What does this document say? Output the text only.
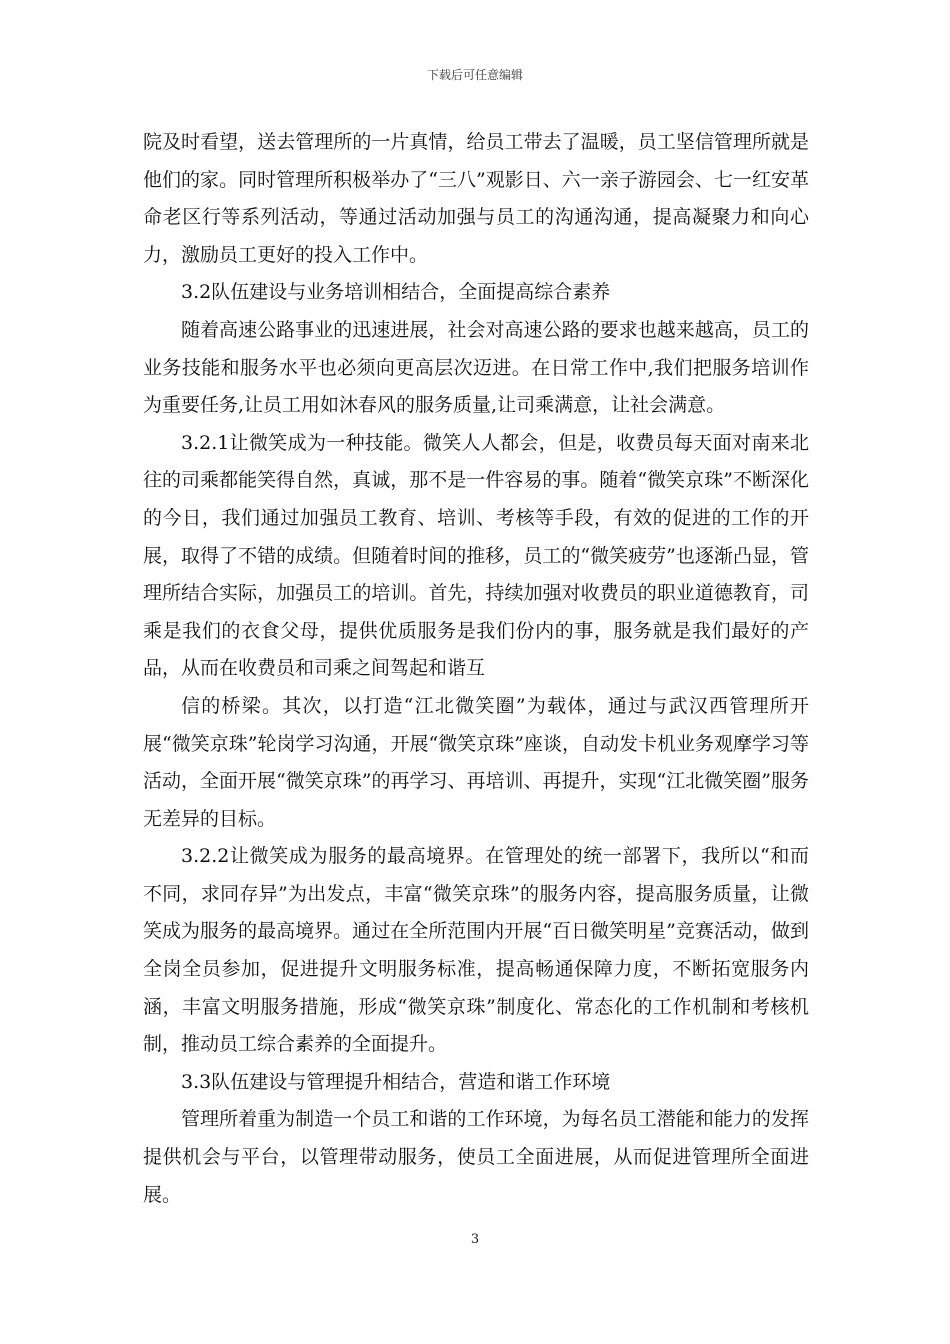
下载后可任意编辑

院及时看望，送去管理所的一片真情，给员工带去了温暖，员工坚信管理所就是他们的家。同时管理所积极举办了“三八”观影日、六一亲子游园会、七一红安革命老区行等系列活动，等通过活动加强与员工的沟通沟通，提高凝聚力和向心力，激励员工更好的投入工作中。

3.2队伍建设与业务培训相结合，全面提高综合素养

随着高速公路事业的迅速进展，社会对高速公路的要求也越来越高，员工的业务技能和服务水平也必须向更高层次迈进。在日常工作中,我们把服务培训作为重要任务,让员工用如沐春风的服务质量,让司乘满意，让社会满意。

3.2.1让微笑成为一种技能。微笑人人都会，但是，收费员每天面对南来北往的司乘都能笑得自然，真诚，那不是一件容易的事。随着“微笑京珠”不断深化的今日，我们通过加强员工教育、培训、考核等手段，有效的促进的工作的开展，取得了不错的成绩。但随着时间的推移，员工的“微笑疲劳”也逐渐凸显，管理所结合实际，加强员工的培训。首先，持续加强对收费员的职业道德教育，司乘是我们的衣食父母，提供优质服务是我们份内的事，服务就是我们最好的产品，从而在收费员和司乘之间驾起和谐互

信的桥梁。其次，以打造“江北微笑圈”为载体，通过与武汉西管理所开展“微笑京珠”轮岗学习沟通，开展“微笑京珠”座谈，自动发卡机业务观摩学习等活动，全面开展“微笑京珠”的再学习、再培训、再提升，实现“江北微笑圈”服务无差异的目标。

3.2.2让微笑成为服务的最高境界。在管理处的统一部署下，我所以“和而不同，求同存异”为出发点，丰富“微笑京珠”的服务内容，提高服务质量，让微笑成为服务的最高境界。通过在全所范围内开展“百日微笑明星”竞赛活动，做到全岗全员参加，促进提升文明服务标准，提高畅通保障力度，不断拓宽服务内涵，丰富文明服务措施，形成“微笑京珠”制度化、常态化的工作机制和考核机制，推动员工综合素养的全面提升。

3.3队伍建设与管理提升相结合，营造和谐工作环境

管理所着重为制造一个员工和谐的工作环境，为每名员工潜能和能力的发挥提供机会与平台，以管理带动服务，使员工全面进展，从而促进管理所全面进展。

3
